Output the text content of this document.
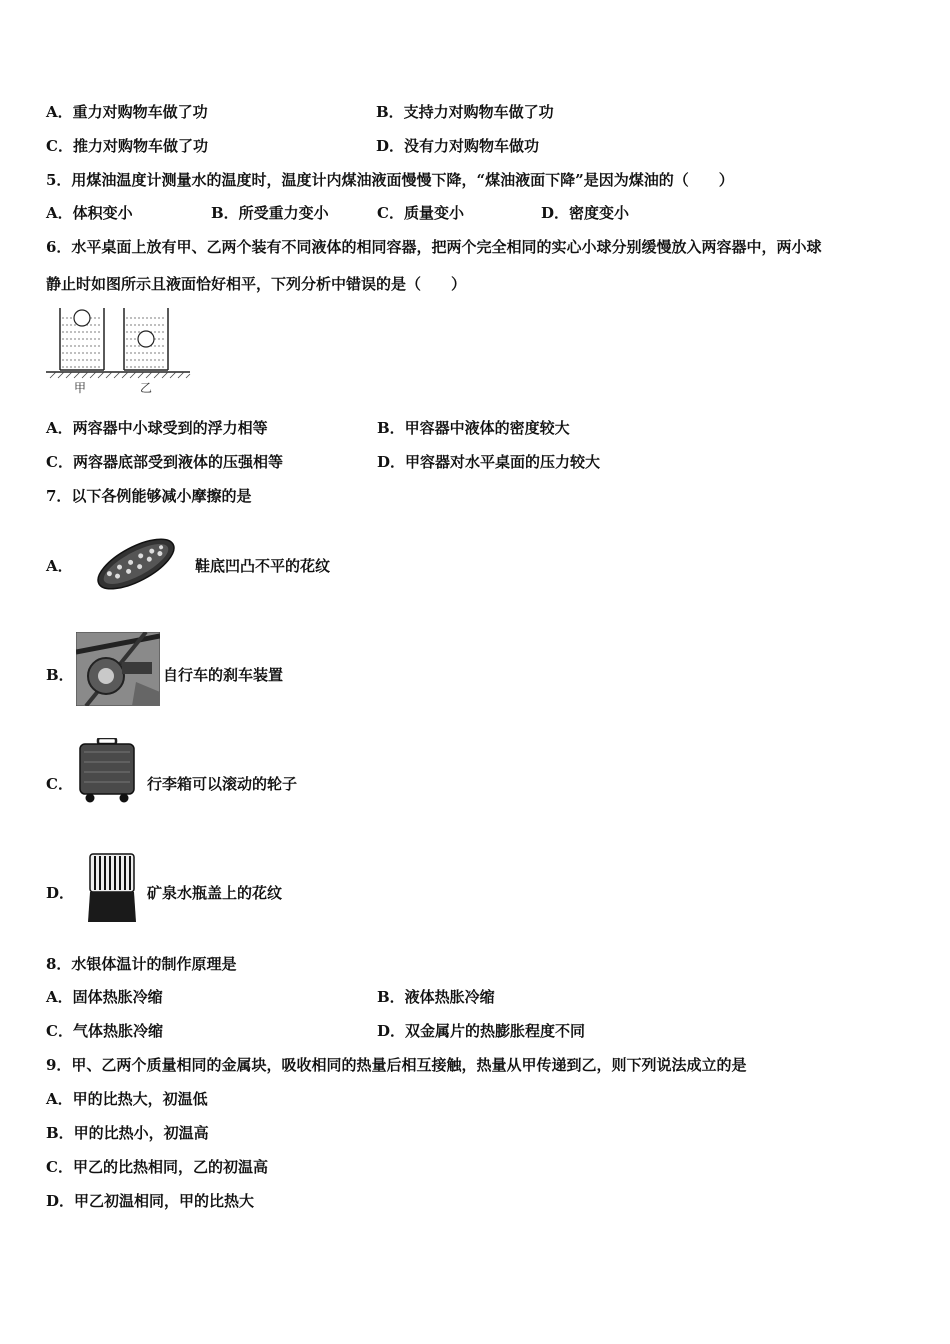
A．重力对购物车做了功	B．支持力对购物车做了功
C．推力对购物车做了功	D．没有力对购物车做功
5．用煤油温度计测量水的温度时，温度计内煤油液面慢慢下降，“煤油液面下降”是因为煤油的（　　）
A．体积变小	B．所受重力变小	C．质量变小	D．密度变小
6．水平桌面上放有甲、乙两个装有不同液体的相同容器，把两个完全相同的实心小球分别缓慢放入两容器中，两小球
静止时如图所示且液面恰好相平，下列分析中错误的是（　　）
甲	乙
A．两容器中小球受到的浮力相等	B．甲容器中液体的密度较大
C．两容器底部受到液体的压强相等	D．甲容器对水平桌面的压力较大
7．以下各例能够减小摩擦的是
A．	鞋底凹凸不平的花纹
B．	自行车的刹车装置
C．	行李箱可以滚动的轮子
D．	矿泉水瓶盖上的花纹
8．水银体温计的制作原理是
A．固体热胀冷缩	B．液体热胀冷缩
C．气体热胀冷缩	D．双金属片的热膨胀程度不同
9．甲、乙两个质量相同的金属块，吸收相同的热量后相互接触，热量从甲传递到乙，则下列说法成立的是
A．甲的比热大，初温低
B．甲的比热小，初温高
C．甲乙的比热相同，乙的初温高
D．甲乙初温相同，甲的比热大
